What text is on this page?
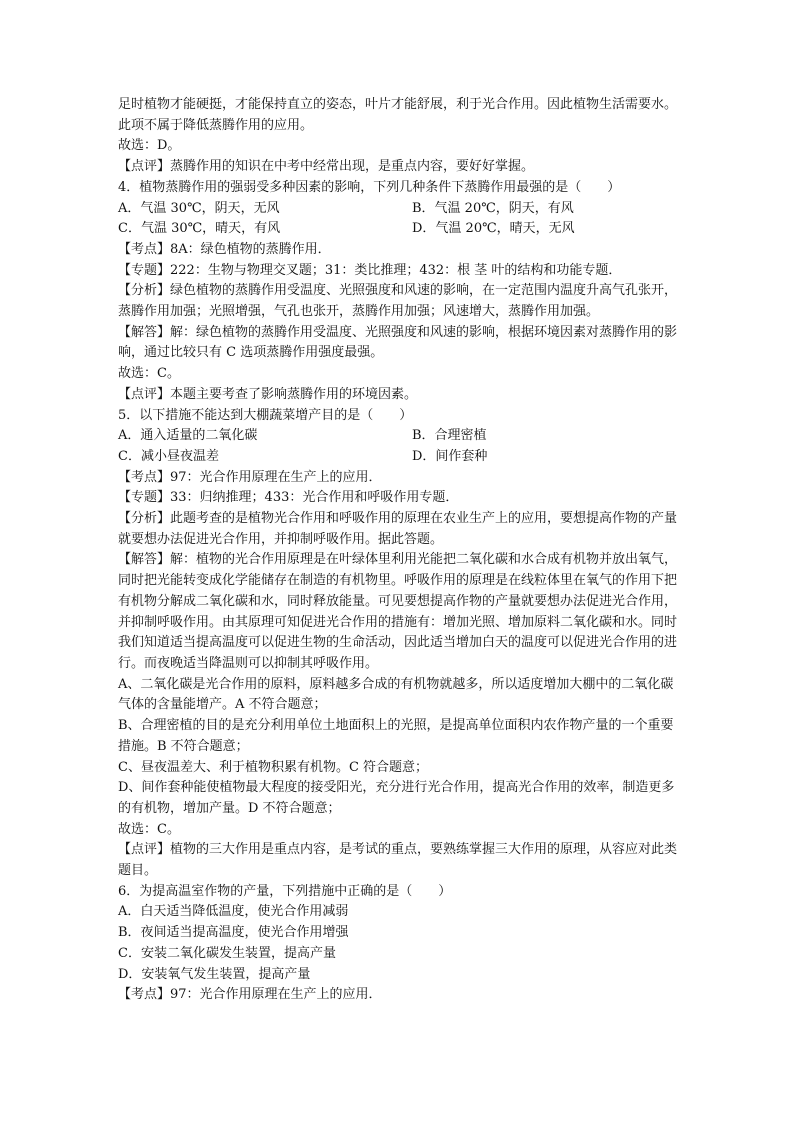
足时植物才能硬挺，才能保持直立的姿态，叶片才能舒展，利于光合作用。因此植物生活需要水。此项不属于降低蒸腾作用的应用。

故选：D。

【点评】蒸腾作用的知识在中考中经常出现，是重点内容，要好好掌握。

4．植物蒸腾作用的强弱受多种因素的影响，下列几种条件下蒸腾作用最强的是（　　）

A．气温 30℃，阴天，无风	B．气温 20℃，阴天，有风
C．气温 30℃，晴天，有风	D．气温 20℃，晴天，无风

【考点】8A：绿色植物的蒸腾作用．

【专题】222：生物与物理交叉题；31：类比推理；432：根 茎 叶的结构和功能专题．

【分析】绿色植物的蒸腾作用受温度、光照强度和风速的影响，在一定范围内温度升高气孔张开，蒸腾作用加强；光照增强，气孔也张开，蒸腾作用加强；风速增大，蒸腾作用加强。

【解答】解：绿色植物的蒸腾作用受温度、光照强度和风速的影响，根据环境因素对蒸腾作用的影响，通过比较只有 C 选项蒸腾作用强度最强。

故选：C。

【点评】本题主要考查了影响蒸腾作用的环境因素。

5．以下措施不能达到大棚蔬菜增产目的是（　　）

A．通入适量的二氧化碳	B．合理密植
C．减小昼夜温差	D．间作套种

【考点】97：光合作用原理在生产上的应用．

【专题】33：归纳推理；433：光合作用和呼吸作用专题．

【分析】此题考查的是植物光合作用和呼吸作用的原理在农业生产上的应用，要想提高作物的产量就要想办法促进光合作用，并抑制呼吸作用。据此答题。

【解答】解：植物的光合作用原理是在叶绿体里利用光能把二氧化碳和水合成有机物并放出氧气，同时把光能转变成化学能储存在制造的有机物里。呼吸作用的原理是在线粒体里在氧气的作用下把有机物分解成二氧化碳和水，同时释放能量。可见要想提高作物的产量就要想办法促进光合作用，并抑制呼吸作用。由其原理可知促进光合作用的措施有：增加光照、增加原料二氧化碳和水。同时我们知道适当提高温度可以促进生物的生命活动，因此适当增加白天的温度可以促进光合作用的进行。而夜晚适当降温则可以抑制其呼吸作用。

A、二氧化碳是光合作用的原料，原料越多合成的有机物就越多，所以适度增加大棚中的二氧化碳气体的含量能增产。A 不符合题意；

B、合理密植的目的是充分利用单位土地面积上的光照，是提高单位面积内农作物产量的一个重要措施。B 不符合题意；

C、昼夜温差大、利于植物积累有机物。C 符合题意；

D、间作套种能使植物最大程度的接受阳光，充分进行光合作用，提高光合作用的效率，制造更多的有机物，增加产量。D 不符合题意；

故选：C。

【点评】植物的三大作用是重点内容，是考试的重点，要熟练掌握三大作用的原理，从容应对此类题目。

6．为提高温室作物的产量，下列措施中正确的是（　　）

A．白天适当降低温度，使光合作用减弱

B．夜间适当提高温度，使光合作用增强

C．安装二氧化碳发生装置，提高产量

D．安装氧气发生装置，提高产量

【考点】97：光合作用原理在生产上的应用．
